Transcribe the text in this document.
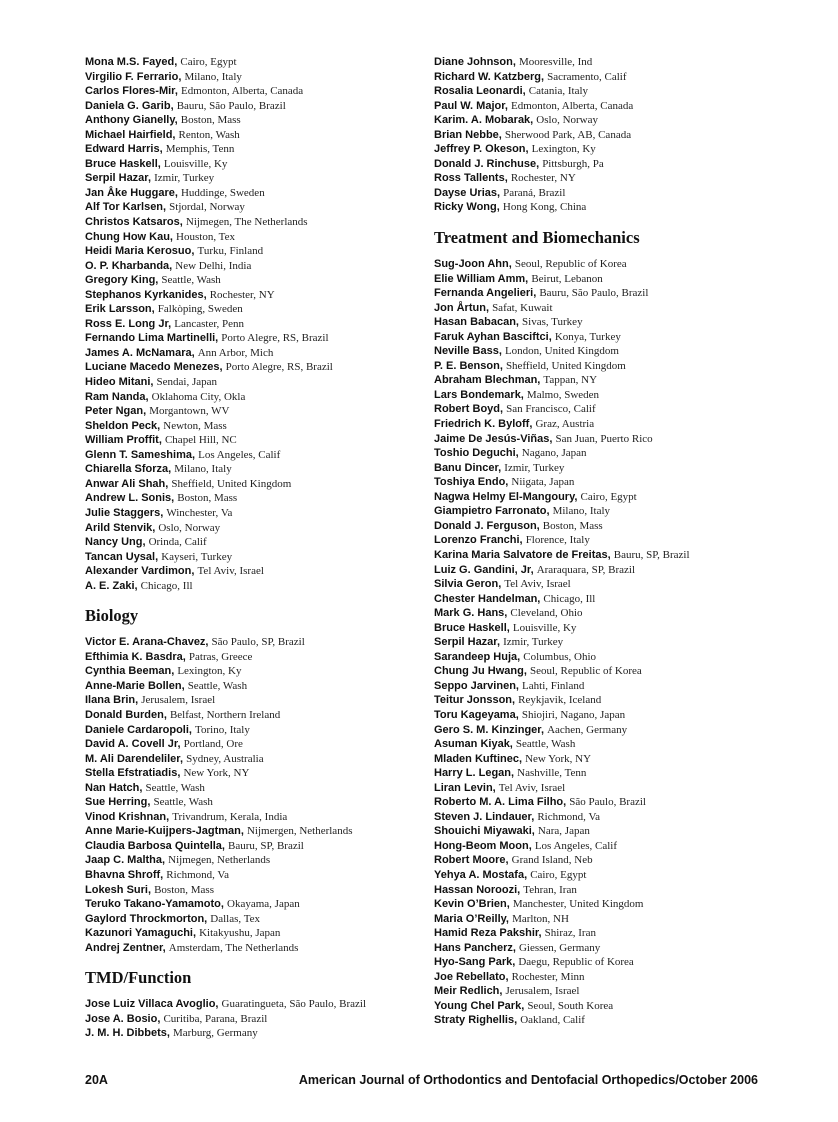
Mona M.S. Fayed, Cairo, Egypt
Virgilio F. Ferrario, Milano, Italy
Carlos Flores-Mir, Edmonton, Alberta, Canada
Daniela G. Garib, Bauru, São Paulo, Brazil
Anthony Gianelly, Boston, Mass
Michael Hairfield, Renton, Wash
Edward Harris, Memphis, Tenn
Bruce Haskell, Louisville, Ky
Serpil Hazar, Izmir, Turkey
Jan Åke Huggare, Huddinge, Sweden
Alf Tor Karlsen, Stjordal, Norway
Christos Katsaros, Nijmegen, The Netherlands
Chung How Kau, Houston, Tex
Heidi Maria Kerosuo, Turku, Finland
O. P. Kharbanda, New Delhi, India
Gregory King, Seattle, Wash
Stephanos Kyrkanides, Rochester, NY
Erik Larsson, Falkòping, Sweden
Ross E. Long Jr, Lancaster, Penn
Fernando Lima Martinelli, Porto Alegre, RS, Brazil
James A. McNamara, Ann Arbor, Mich
Luciane Macedo Menezes, Porto Alegre, RS, Brazil
Hideo Mitani, Sendai, Japan
Ram Nanda, Oklahoma City, Okla
Peter Ngan, Morgantown, WV
Sheldon Peck, Newton, Mass
William Proffit, Chapel Hill, NC
Glenn T. Sameshima, Los Angeles, Calif
Chiarella Sforza, Milano, Italy
Anwar Ali Shah, Sheffield, United Kingdom
Andrew L. Sonis, Boston, Mass
Julie Staggers, Winchester, Va
Arild Stenvik, Oslo, Norway
Nancy Ung, Orinda, Calif
Tancan Uysal, Kayseri, Turkey
Alexander Vardimon, Tel Aviv, Israel
A. E. Zaki, Chicago, Ill
Biology
Victor E. Arana-Chavez, São Paulo, SP, Brazil
Efthimia K. Basdra, Patras, Greece
Cynthia Beeman, Lexington, Ky
Anne-Marie Bollen, Seattle, Wash
Ilana Brin, Jerusalem, Israel
Donald Burden, Belfast, Northern Ireland
Daniele Cardaropoli, Torino, Italy
David A. Covell Jr, Portland, Ore
M. Ali Darendeliler, Sydney, Australia
Stella Efstratiadis, New York, NY
Nan Hatch, Seattle, Wash
Sue Herring, Seattle, Wash
Vinod Krishnan, Trivandrum, Kerala, India
Anne Marie-Kuijpers-Jagtman, Nijmergen, Netherlands
Claudia Barbosa Quintella, Bauru, SP, Brazil
Jaap C. Maltha, Nijmegen, Netherlands
Bhavna Shroff, Richmond, Va
Lokesh Suri, Boston, Mass
Teruko Takano-Yamamoto, Okayama, Japan
Gaylord Throckmorton, Dallas, Tex
Kazunori Yamaguchi, Kitakyushu, Japan
Andrej Zentner, Amsterdam, The Netherlands
TMD/Function
Jose Luiz Villaca Avoglio, Guaratingueta, São Paulo, Brazil
Jose A. Bosio, Curitiba, Parana, Brazil
J. M. H. Dibbets, Marburg, Germany
Diane Johnson, Mooresville, Ind
Richard W. Katzberg, Sacramento, Calif
Rosalia Leonardi, Catania, Italy
Paul W. Major, Edmonton, Alberta, Canada
Karim. A. Mobarak, Oslo, Norway
Brian Nebbe, Sherwood Park, AB, Canada
Jeffrey P. Okeson, Lexington, Ky
Donald J. Rinchuse, Pittsburgh, Pa
Ross Tallents, Rochester, NY
Dayse Urias, Paraná, Brazil
Ricky Wong, Hong Kong, China
Treatment and Biomechanics
Sug-Joon Ahn, Seoul, Republic of Korea
Elie William Amm, Beirut, Lebanon
Fernanda Angelieri, Bauru, São Paulo, Brazil
Jon Årtun, Safat, Kuwait
Hasan Babacan, Sivas, Turkey
Faruk Ayhan Basciftci, Konya, Turkey
Neville Bass, London, United Kingdom
P. E. Benson, Sheffield, United Kingdom
Abraham Blechman, Tappan, NY
Lars Bondemark, Malmo, Sweden
Robert Boyd, San Francisco, Calif
Friedrich K. Byloff, Graz, Austria
Jaime De Jesús-Viñas, San Juan, Puerto Rico
Toshio Deguchi, Nagano, Japan
Banu Dincer, Izmir, Turkey
Toshiya Endo, Niigata, Japan
Nagwa Helmy El-Mangoury, Cairo, Egypt
Giampietro Farronato, Milano, Italy
Donald J. Ferguson, Boston, Mass
Lorenzo Franchi, Florence, Italy
Karina Maria Salvatore de Freitas, Bauru, SP, Brazil
Luiz G. Gandini, Jr, Araraquara, SP, Brazil
Silvia Geron, Tel Aviv, Israel
Chester Handelman, Chicago, Ill
Mark G. Hans, Cleveland, Ohio
Bruce Haskell, Louisville, Ky
Serpil Hazar, Izmir, Turkey
Sarandeep Huja, Columbus, Ohio
Chung Ju Hwang, Seoul, Republic of Korea
Seppo Jarvinen, Lahti, Finland
Teitur Jonsson, Reykjavik, Iceland
Toru Kageyama, Shiojiri, Nagano, Japan
Gero S. M. Kinzinger, Aachen, Germany
Asuman Kiyak, Seattle, Wash
Mladen Kuftinec, New York, NY
Harry L. Legan, Nashville, Tenn
Liran Levin, Tel Aviv, Israel
Roberto M. A. Lima Filho, São Paulo, Brazil
Steven J. Lindauer, Richmond, Va
Shouichi Miyawaki, Nara, Japan
Hong-Beom Moon, Los Angeles, Calif
Robert Moore, Grand Island, Neb
Yehya A. Mostafa, Cairo, Egypt
Hassan Noroozi, Tehran, Iran
Kevin O’Brien, Manchester, United Kingdom
Maria O’Reilly, Marlton, NH
Hamid Reza Pakshir, Shiraz, Iran
Hans Pancherz, Giessen, Germany
Hyo-Sang Park, Daegu, Republic of Korea
Joe Rebellato, Rochester, Minn
Meir Redlich, Jerusalem, Israel
Young Chel Park, Seoul, South Korea
Straty Righellis, Oakland, Calif
20A	American Journal of Orthodontics and Dentofacial Orthopedics/October 2006
